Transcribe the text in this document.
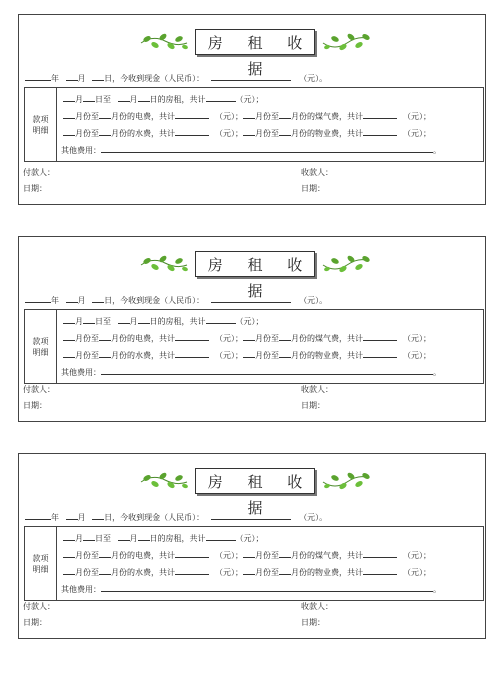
房 租 收 据
年 月 日，今收到现金（人民币）：	（元）。
款项明细
月 日至 月 日的房租，共计	（元）；
月份至 月份的电费，共计	（元）； 月份至 月份的煤气费，共计	（元）；
月份至 月份的水费，共计	（元）； 月份至 月份的物业费，共计	（元）；
其他费用：	。
付款人：	收款人：
日期：	日期：
房 租 收 据
年 月 日，今收到现金（人民币）：	（元）。
款项明细
月 日至 月 日的房租，共计	（元）；
月份至 月份的电费，共计	（元）； 月份至 月份的煤气费，共计	（元）；
月份至 月份的水费，共计	（元）； 月份至 月份的物业费，共计	（元）；
其他费用：	。
付款人：	收款人：
日期：	日期：
房 租 收 据
年 月 日，今收到现金（人民币）：	（元）。
款项明细
月 日至 月 日的房租，共计	（元）；
月份至 月份的电费，共计	（元）； 月份至 月份的煤气费，共计	（元）；
月份至 月份的水费，共计	（元）； 月份至 月份的物业费，共计	（元）；
其他费用：	。
付款人：	收款人：
日期：	日期：
